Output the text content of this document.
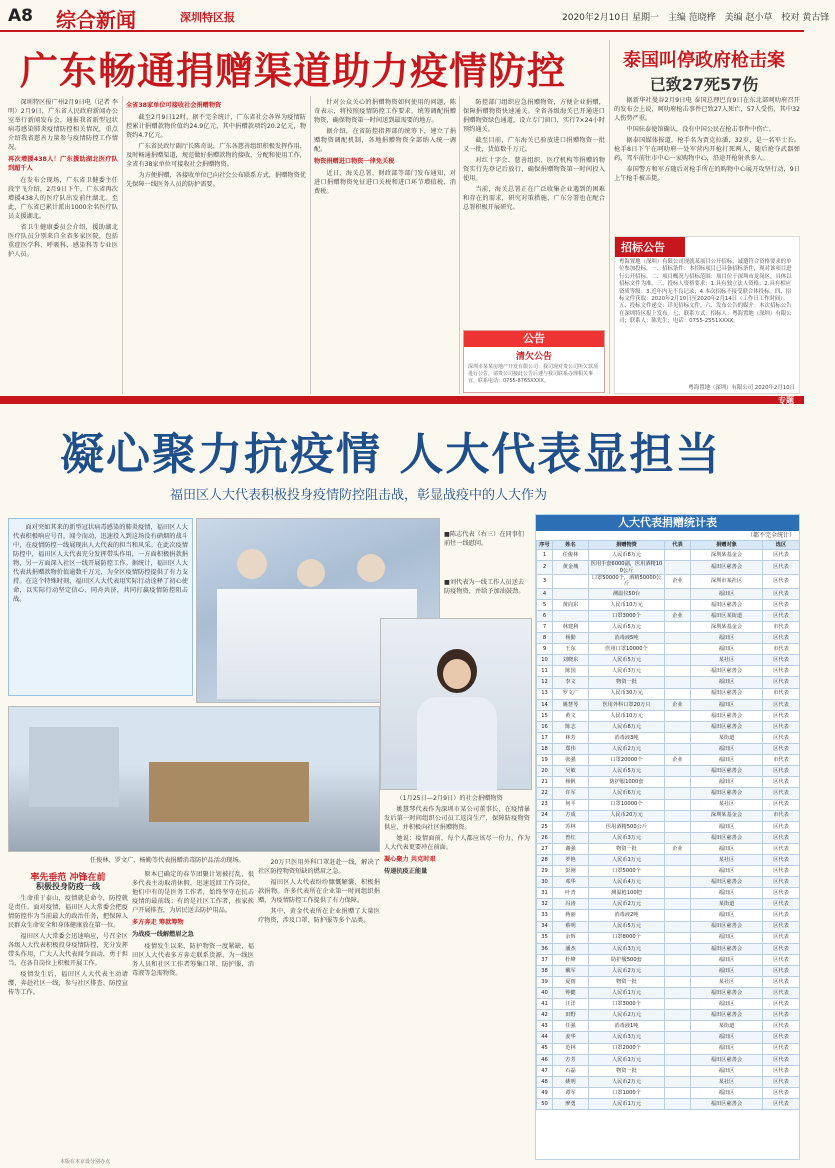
A8 综合新闻	深圳特区报	2020年2月10日 星期一 主编 范晓桦 美编 赵小草 校对 黄古锋
广东畅通捐赠渠道助力疫情防控

深圳特区报广州2月9日电（记者 李明）2月9日，广东省人民政府新闻办公室举行新闻发布会，通报我省新型冠状病毒感染肺炎疫情防控相关情况，重点介绍我省慈善力量参与疫情防控工作情况。

再次增援438人！广东援助湖北医疗队到超千人

在发布会现场，广东省卫健委主任段宇飞介绍，2月9日下午，广东省再次增援438人的医疗队出发前往湖北。至此，广东省已累计派出1000余名医疗队员支援湖北。

省卫生健康委员会介绍，援助湖北医疗队员分别来自全省多家医院，包括重症医学科、呼吸科、感染科等专业医护人员。

全省38家单位可接收社会捐赠物资

截至2月9日12时，据不完全统计，广东省社会各界为疫情防控累计捐赠款物价值约24.9亿元，其中捐赠款项约20.2亿元，物资约4.7亿元。

广东省民政厅副厅长陈奇说，广东各慈善组织积极发挥作用，及时畅通捐赠渠道，规范做好捐赠款物的接收、分配和使用工作，全省有38家单位可接收社会捐赠物资。

为方便捐赠，各接收单位已向社会公布联系方式，捐赠物资优先保障一线医务人员的防护需要。

针对公众关心的捐赠物资如何使用的问题，陈奇表示，将按照疫情防控工作要求，统筹调配捐赠物资，确保物资第一时间送到最需要的地方。

据介绍，在省防控指挥部的统筹下，建立了捐赠物资调配机制，各地捐赠物资全部纳入统一调配。

物资捐赠进口物资一律免关税

近日，海关总署、财政部等部门发布通知，对进口捐赠物资免征进口关税和进口环节增值税、消费税。

防控部门组织应急捐赠物资，方便企业捐赠，保障捐赠物资快速通关。全省各级海关已开通进口捐赠物资绿色通道，设立专门窗口，实行7×24小时预约通关。

截至目前，广东海关已验放进口捐赠物资一批又一批，货值数千万元。

对红十字会、慈善组织、医疗机构等捐赠的物资实行先登记后放行，确保捐赠物资第一时间投入使用。

当前，海关总署正在广泛收集企业遇到的困难和存在的需求，研究对策措施，广东分署也在配合总署积极开展研究。

公告
清欠公告
深圳市某某房地产开发有限公司：我司现对贵公司所欠款项进行公告，请贵公司接此公告后速与我司联系办理相关事宜。联系电话：0755-8765XXXX。
泰国叫停政府枪击案
已致27死57伤

据新华社曼谷2月9日电 泰国总理巴育9日在东北部呵叻府召开的发布会上说，呵叻府枪击事件已致27人死亡，57人受伤，其中32人伤势严重。

中国驻泰使馆确认，没有中国公民在枪击事件中伤亡。

据泰国媒体报道，枪手名为贾克拉潘，32岁，是一名军士长。枪手8日下午在呵叻府一处军营内开枪打死两人，随后抢夺武器弹药，驾车前往市中心一家购物中心，沿途开枪射杀多人。

泰国警方和军方随后对枪手所在的购物中心展开攻坚行动，9日上午枪手被击毙。

招标公告
粤海置地（深圳）有限公司现就某项目公开招标，诚邀符合资格要求的单位参加投标。一、招标条件：本招标项目已具备招标条件，现对该项目进行公开招标。二、项目概况与招标范围：项目位于深圳市龙岗区，具体以招标文件为准。三、投标人资格要求：1.具有独立法人资格；2.具有相应资质等级；3.近年内无不良记录；4.本次招标不接受联合体投标。四、招标文件获取：2020年2月10日至2020年2月14日（工作日工作时间）。五、投标文件递交：详见招标文件。六、发布公告的媒介：本次招标公告在深圳特区报上发布。七、联系方式：招标人：粤海置地（深圳）有限公司；联系人：陈先生；电话：0755-2551XXXX。
粤海置地（深圳）有限公司 2020年2月10日
专题
凝心聚力抗疫情 人大代表显担当
福田区人大代表积极投身疫情防控阻击战，彰显战疫中的人大作为

面对突如其来的新型冠状病毒感染的肺炎疫情，福田区人大代表积极响应号召，闻令而动，迅速投入到这场没有硝烟的战斗中，在疫情防控一线展现出人大代表的担当和风采。在此次疫情防控中，福田区人大代表充分发挥带头作用，一方面积极捐款捐物，另一方面深入社区一线开展防控工作。据统计，福田区人大代表共捐赠款物价值逾数千万元，为全区疫情防控提供了有力支持。在这个特殊时刻，福田区人大代表用实际行动诠释了初心使命，以实际行动坚定信心、同舟共济，共同打赢疫情防控阻击战。

■陈志代表（右三）在同事们前往一线慰问。
■刘代表为一线工作人员送去防疫物资，并给予加油鼓劲。
任俊林、罗文广、杨勤等代表捐赠消毒防护品活动现场。
率先垂范 冲锋在前
积极投身防疫一线

生命重于泰山，疫情就是命令，防控就是责任。面对疫情，福田区人大常委会把疫情防控作为当前最大的政治任务，把保障人民群众生命安全和身体健康放在第一位。

福田区人大常委会迅速响应，号召全区各级人大代表积极投身疫情防控，充分发挥带头作用，广大人大代表闻令而动，勇于担当，在各自岗位上积极开展工作。

疫情发生后，福田区人大代表主动请缨，奔赴社区一线，参与社区排查、防控宣传等工作。

原本已确定的春节团聚计划被打乱，很多代表主动取消休假，迅速返回工作岗位。他们中有的是医务工作者，始终坚守在抗击疫情的最前线；有的是社区工作者，挨家挨户开展排查，为居民送去防护用品。

多方奔走 筹款筹物

为战疫一线解燃眉之急

疫情发生以来，防护物资一度紧缺，福田区人大代表多方奔走联系货源，为一线医务人员和社区工作者筹集口罩、防护服、消毒液等急需物资。

20万只医用外科口罩赶赴一线，解决了社区防控物资短缺的燃眉之急。

福田区人大代表纷纷慷慨解囊，积极捐款捐物。许多代表所在企业第一时间组织捐赠，为疫情防控工作提供了有力保障。

其中，黄金代表所在企业捐赠了大量医疗物资，涉及口罩、防护服等多个品类。

（1月25日—2月9日）的社会捐赠物资

姚慧琴代表作为深圳市某公司董事长，在疫情暴发后第一时间组织公司员工返岗生产，保障防疫物资供应，并积极向社区捐赠物资。

她说：疫情面前，每个人都应该尽一份力，作为人大代表更要冲在前面。

凝心聚力 共克时艰

传递抗疫正能量

人大代表捐赠统计表
（都不完全统计）
序号	姓名	捐赠物资	代表	捐赠对象	选区
1	任俊林	人民币8万元		深圳某基金会	区代表
2	黄金城	医用手套6000副，医用酒精100公斤		福田区慈善会	区代表
3		口罩50000个，酒精50000公斤	企业	深圳市某社区	区代表
4		测温仪50台		福田区	区代表
5	黄向东	人民币10万元		福田区慈善会	区代表
6		口罩3000个	企业	福田区某街道	区代表
7	林建利	人民币5万元		深圳某基金会	市代表
8	杨勤	消毒液5吨		福田区	区代表
9	王东	医用口罩10000个		福田区	市代表
10	刘晓东	人民币5万元		某社区	区代表
11	陈国	人民币3万元		福田区慈善会	区代表
12	李文	物资一批		福田区	区代表
13	罗文广	人民币30万元		福田区慈善会	市代表
14	姚慧琴	医用外科口罩20万只	企业	福田区	区代表
15	黄文	人民币10万元		福田区慈善会	区代表
16	陈志	人民币8万元		福田区慈善会	区代表
17	林芳	消毒液3吨		某街道	区代表
18	郑伟	人民币2万元		福田区	区代表
19	张强	口罩20000个	企业	福田区	市代表
20	吴敏	人民币5万元		福田区慈善会	区代表
21	杨帆	防护服1000套		福田区	区代表
22	许军	人民币6万元		福田区慈善会	区代表
23	何平	口罩10000个		某社区	区代表
24	方成	人民币20万元		深圳某基金会	市代表
25	苏林	医用酒精500公斤		福田区	区代表
26	曾红	人民币3万元		福田区慈善会	区代表
27	谢强	物资一批	企业	福田区	区代表
28	罗艳	人民币1万元		某社区	区代表
29	彭刚	口罩5000个		福田区	区代表
30	邓华	人民币4万元		福田区慈善会	区代表
31	叶青	测温枪100把		福田区	区代表
32	冯涛	人民币2万元		某街道	区代表
33	蒋丽	消毒液2吨		福田区	区代表
34	蔡明	人民币5万元		福田区慈善会	区代表
35	余辉	口罩8000个		福田区	区代表
36	潘杰	人民币3万元		福田区慈善会	区代表
37	杜峰	防护服500套		福田区	区代表
38	戴军	人民币2万元		福田区	区代表
39	夏雨	物资一批		某社区	区代表
40	钟健	人民币1万元		福田区慈善会	区代表
41	汪洋	口罩3000个		福田区	区代表
42	田野	人民币2万元		福田区慈善会	区代表
43	任强	消毒液1吨		某街道	区代表
44	姜华	人民币3万元		福田区	区代表
45	范林	口罩2000个		福田区	区代表
46	方芳	人民币1万元		福田区慈善会	区代表
47	石磊	物资一批		福田区	区代表
48	姚明	人民币2万元		某社区	区代表
49	谭军	口罩1000个		福田区	区代表
50	廖勇	人民币1万元		福田区慈善会	区代表
本版在本京设分别办点
